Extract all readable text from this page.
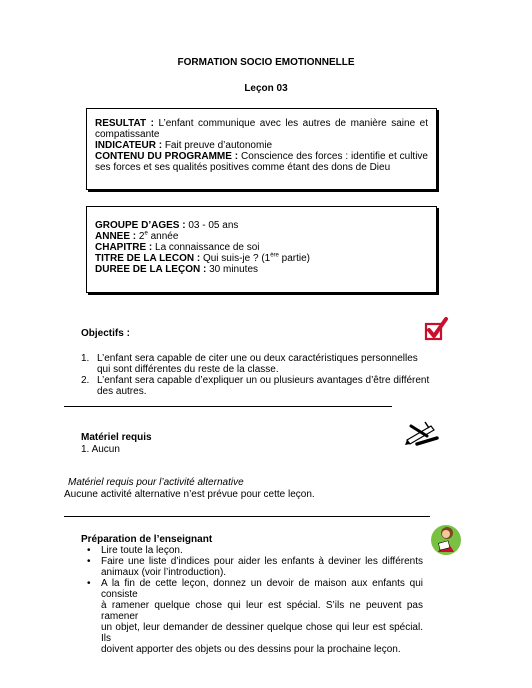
FORMATION SOCIO EMOTIONNELLE
Leçon 03

RESULTAT : L’enfant communique avec les autres de manière saine et

compatissante

INDICATEUR : Fait preuve d’autonomie

CONTENU DU PROGRAMME : Conscience des forces : identifie et cultive

ses forces et ses qualités positives comme étant des dons de Dieu

GROUPE D’AGES : 03 - 05 ans

ANNEE : 2e année

CHAPITRE : La connaissance de soi

TITRE DE LA LECON : Qui suis-je ? (1ère partie)

DUREE DE LA LEÇON : 30 minutes

Objectifs :
1. L’enfant sera capable de citer une ou deux caractéristiques personnelles
qui sont différentes du reste de la classe.
2. L’enfant sera capable d’expliquer un ou plusieurs avantages d’être différent
des autres.
Matériel requis
1. Aucun
Matériel requis pour l’activité alternative
Aucune activité alternative n’est prévue pour cette leçon.
Préparation de l’enseignant
• Lire toute la leçon.
• Faire une liste d’indices pour aider les enfants à deviner les différents
animaux (voir l’introduction).
• A la fin de cette leçon, donnez un devoir de maison aux enfants qui consiste
à ramener quelque chose qui leur est spécial. S’ils ne peuvent pas ramener
un objet, leur demander de dessiner quelque chose qui leur est spécial. Ils
doivent apporter des objets ou des dessins pour la prochaine leçon.
